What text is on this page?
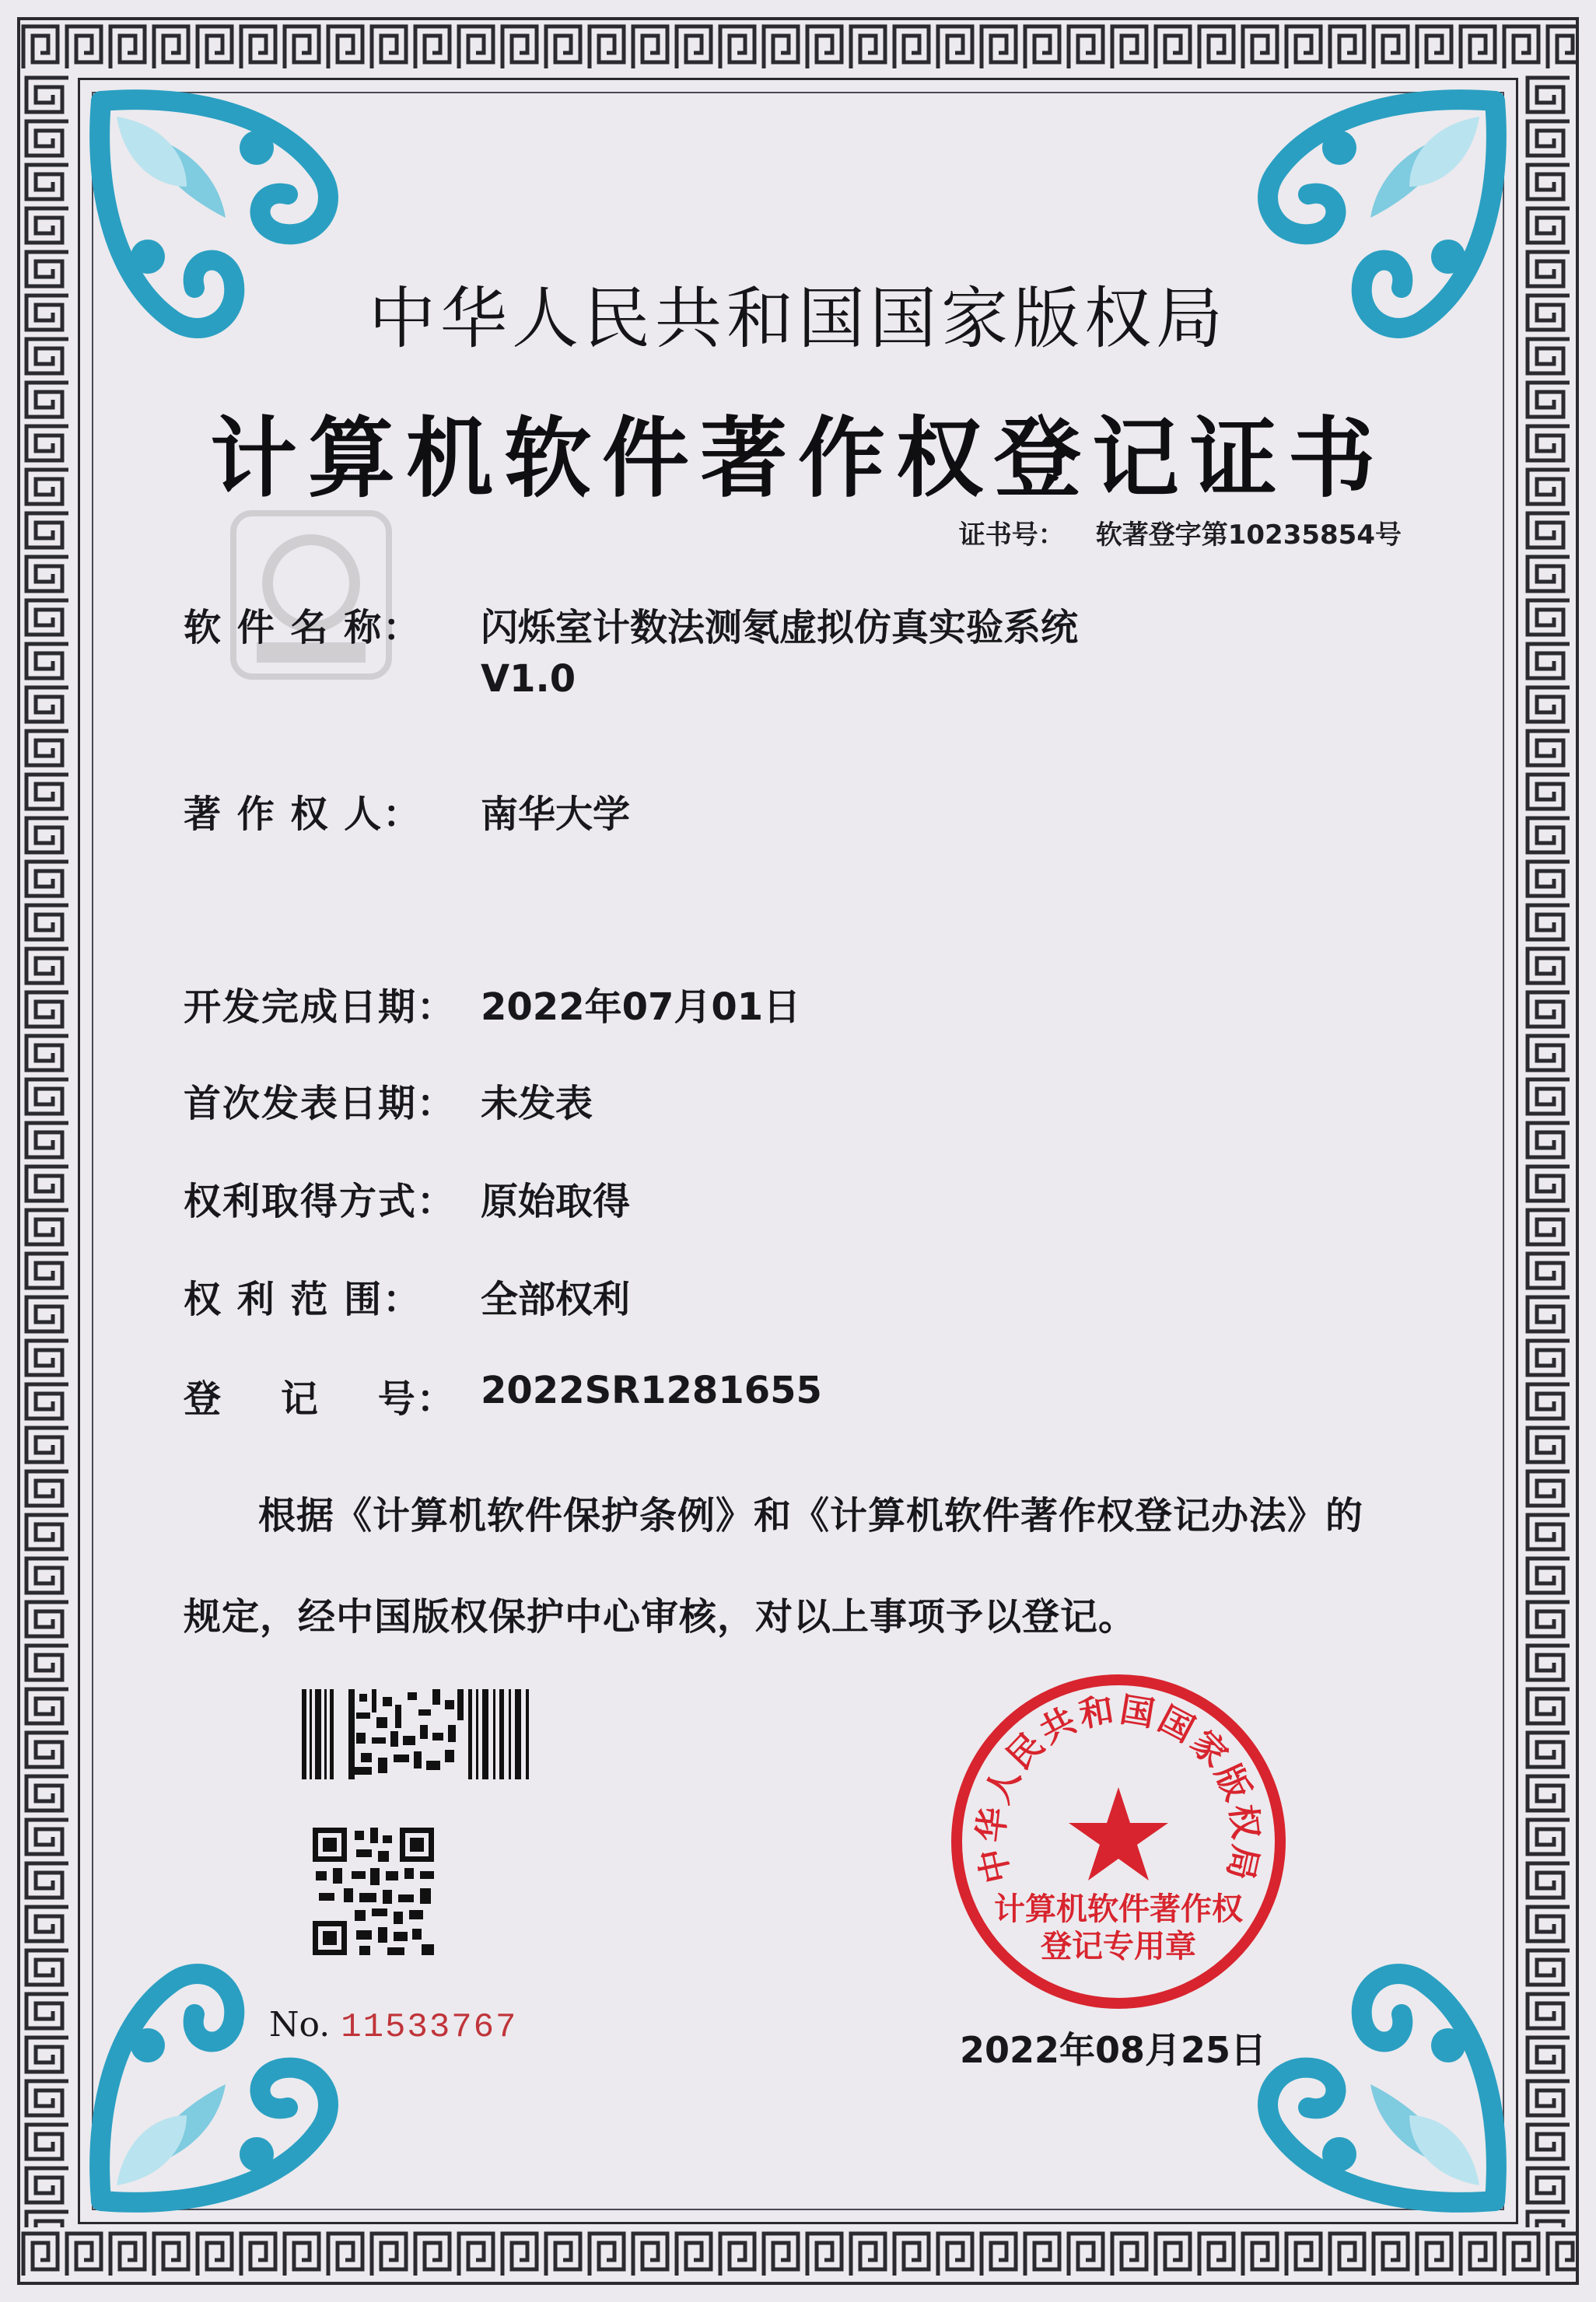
中华人民共和国国家版权局
计算机软件著作权登记证书
证书号： 软著登字第10235854号
软 件 名 称：	闪烁室计数法测氡虚拟仿真实验系统
V1.0
著 作 权 人：	南华大学
开发完成日期： 2022年07月01日
首次发表日期： 未发表
权利取得方式： 原始取得
权 利 范 围：	全部权利
登    记    号： 2022SR1281655
根据《计算机软件保护条例》和《计算机软件著作权登记办法》的
规定，经中国版权保护中心审核，对以上事项予以登记。
No. 11533767
中华人民共和国国家版权局
计算机软件著作权
登记专用章
2022年08月25日
